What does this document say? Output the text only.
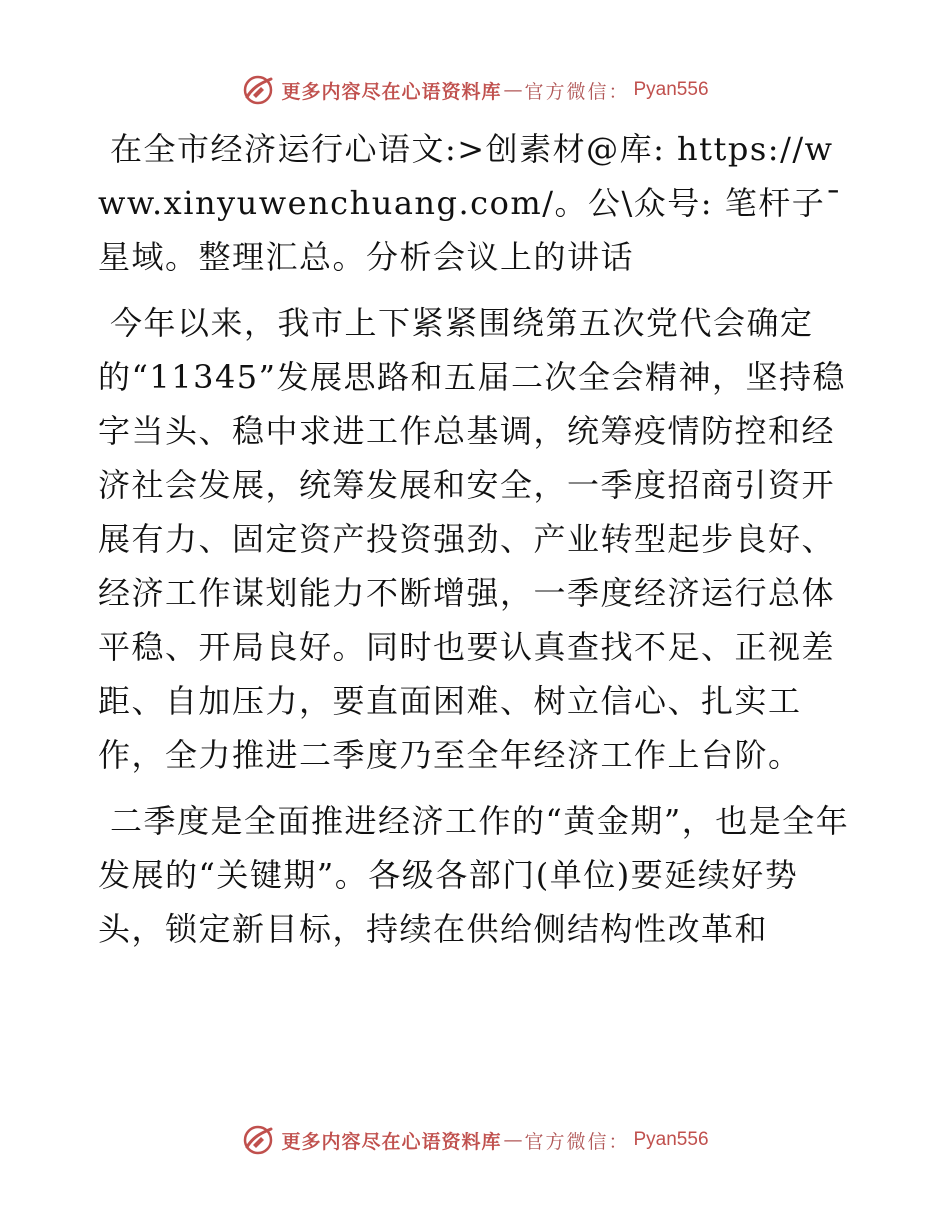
更多内容尽在心语资料库 — 官方微信： Pyan556

在全市经济运行心语文:>创素材@库: https://www.xinyuwenchuang.com/。公\众号: 笔杆子¯星域。整理汇总。分析会议上的讲话

今年以来，我市上下紧紧围绕第五次党代会确定的“11345”发展思路和五届二次全会精神，坚持稳字当头、稳中求进工作总基调，统筹疫情防控和经济社会发展，统筹发展和安全，一季度招商引资开展有力、固定资产投资强劲、产业转型起步良好、经济工作谋划能力不断增强，一季度经济运行总体平稳、开局良好。同时也要认真查找不足、正视差距、自加压力，要直面困难、树立信心、扎实工作，全力推进二季度乃至全年经济工作上台阶。

二季度是全面推进经济工作的“黄金期”，也是全年发展的“关键期”。各级各部门(单位)要延续好势头，锁定新目标，持续在供给侧结构性改革和

更多内容尽在心语资料库 — 官方微信： Pyan556
